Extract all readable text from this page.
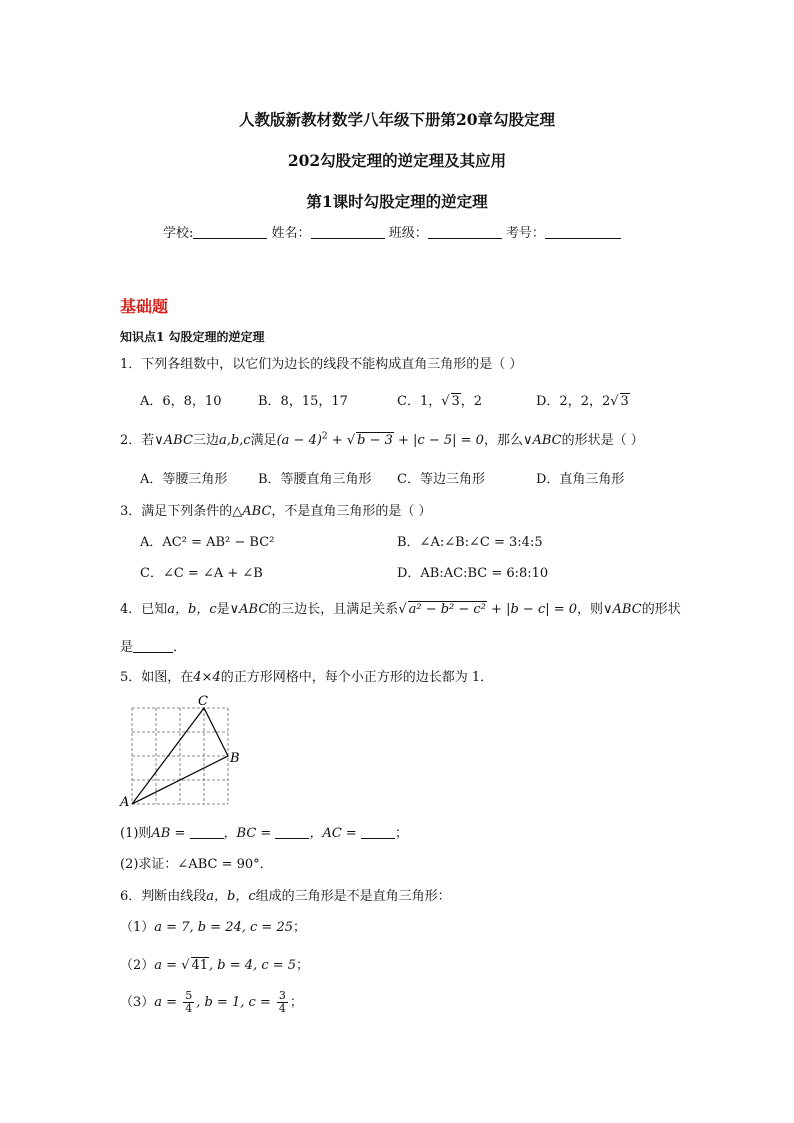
人教版新教材数学八年级下册第20章勾股定理
202勾股定理的逆定理及其应用
第1课时勾股定理的逆定理
学校:	姓名：	班级：	考号：
基础题
知识点1 勾股定理的逆定理
1．下列各组数中，以它们为边长的线段不能构成直角三角形的是（ ）
A．6，8，10	B．8，15，17	C．1，√ 3，2	D．2，2，2√ 3
2．若∨ABC三边a,b,c满足$(a - 4)^2$ + √ b − 3 + |c − 5| = 0，那么∨ABC的形状是（ ）
A．等腰三角形 B．等腰直角三角形 C．等边三角形	D．直角三角形
3．满足下列条件的△ABC，不是直角三角形的是（ ）
A．AC² = AB² − BC²	B．∠A:∠B:∠C = 3:4:5
C．∠C = ∠A + ∠B	D．AB:AC:BC = 6:8:10
4．已知a，b，c是∨ABC的三边长，且满足关系√ a² − b² − c² + |b − c| = 0，则∨ABC的形状
是	．
5．如图，在4×4的正方形网格中，每个小正方形的边长都为 1．
A
B
C
(1)则AB =	，BC =	，AC =	；
(2)求证：∠ABC = 90°．
6．判断由线段a，b，c组成的三角形是不是直角三角形：
（1）a = 7, b = 24, c = 25；
（2）a = √ 41, b = 4, c = 5；
$(3)a = \frac{5}{4}$ , b = 1, $c = \frac{3}{4}$ ；
